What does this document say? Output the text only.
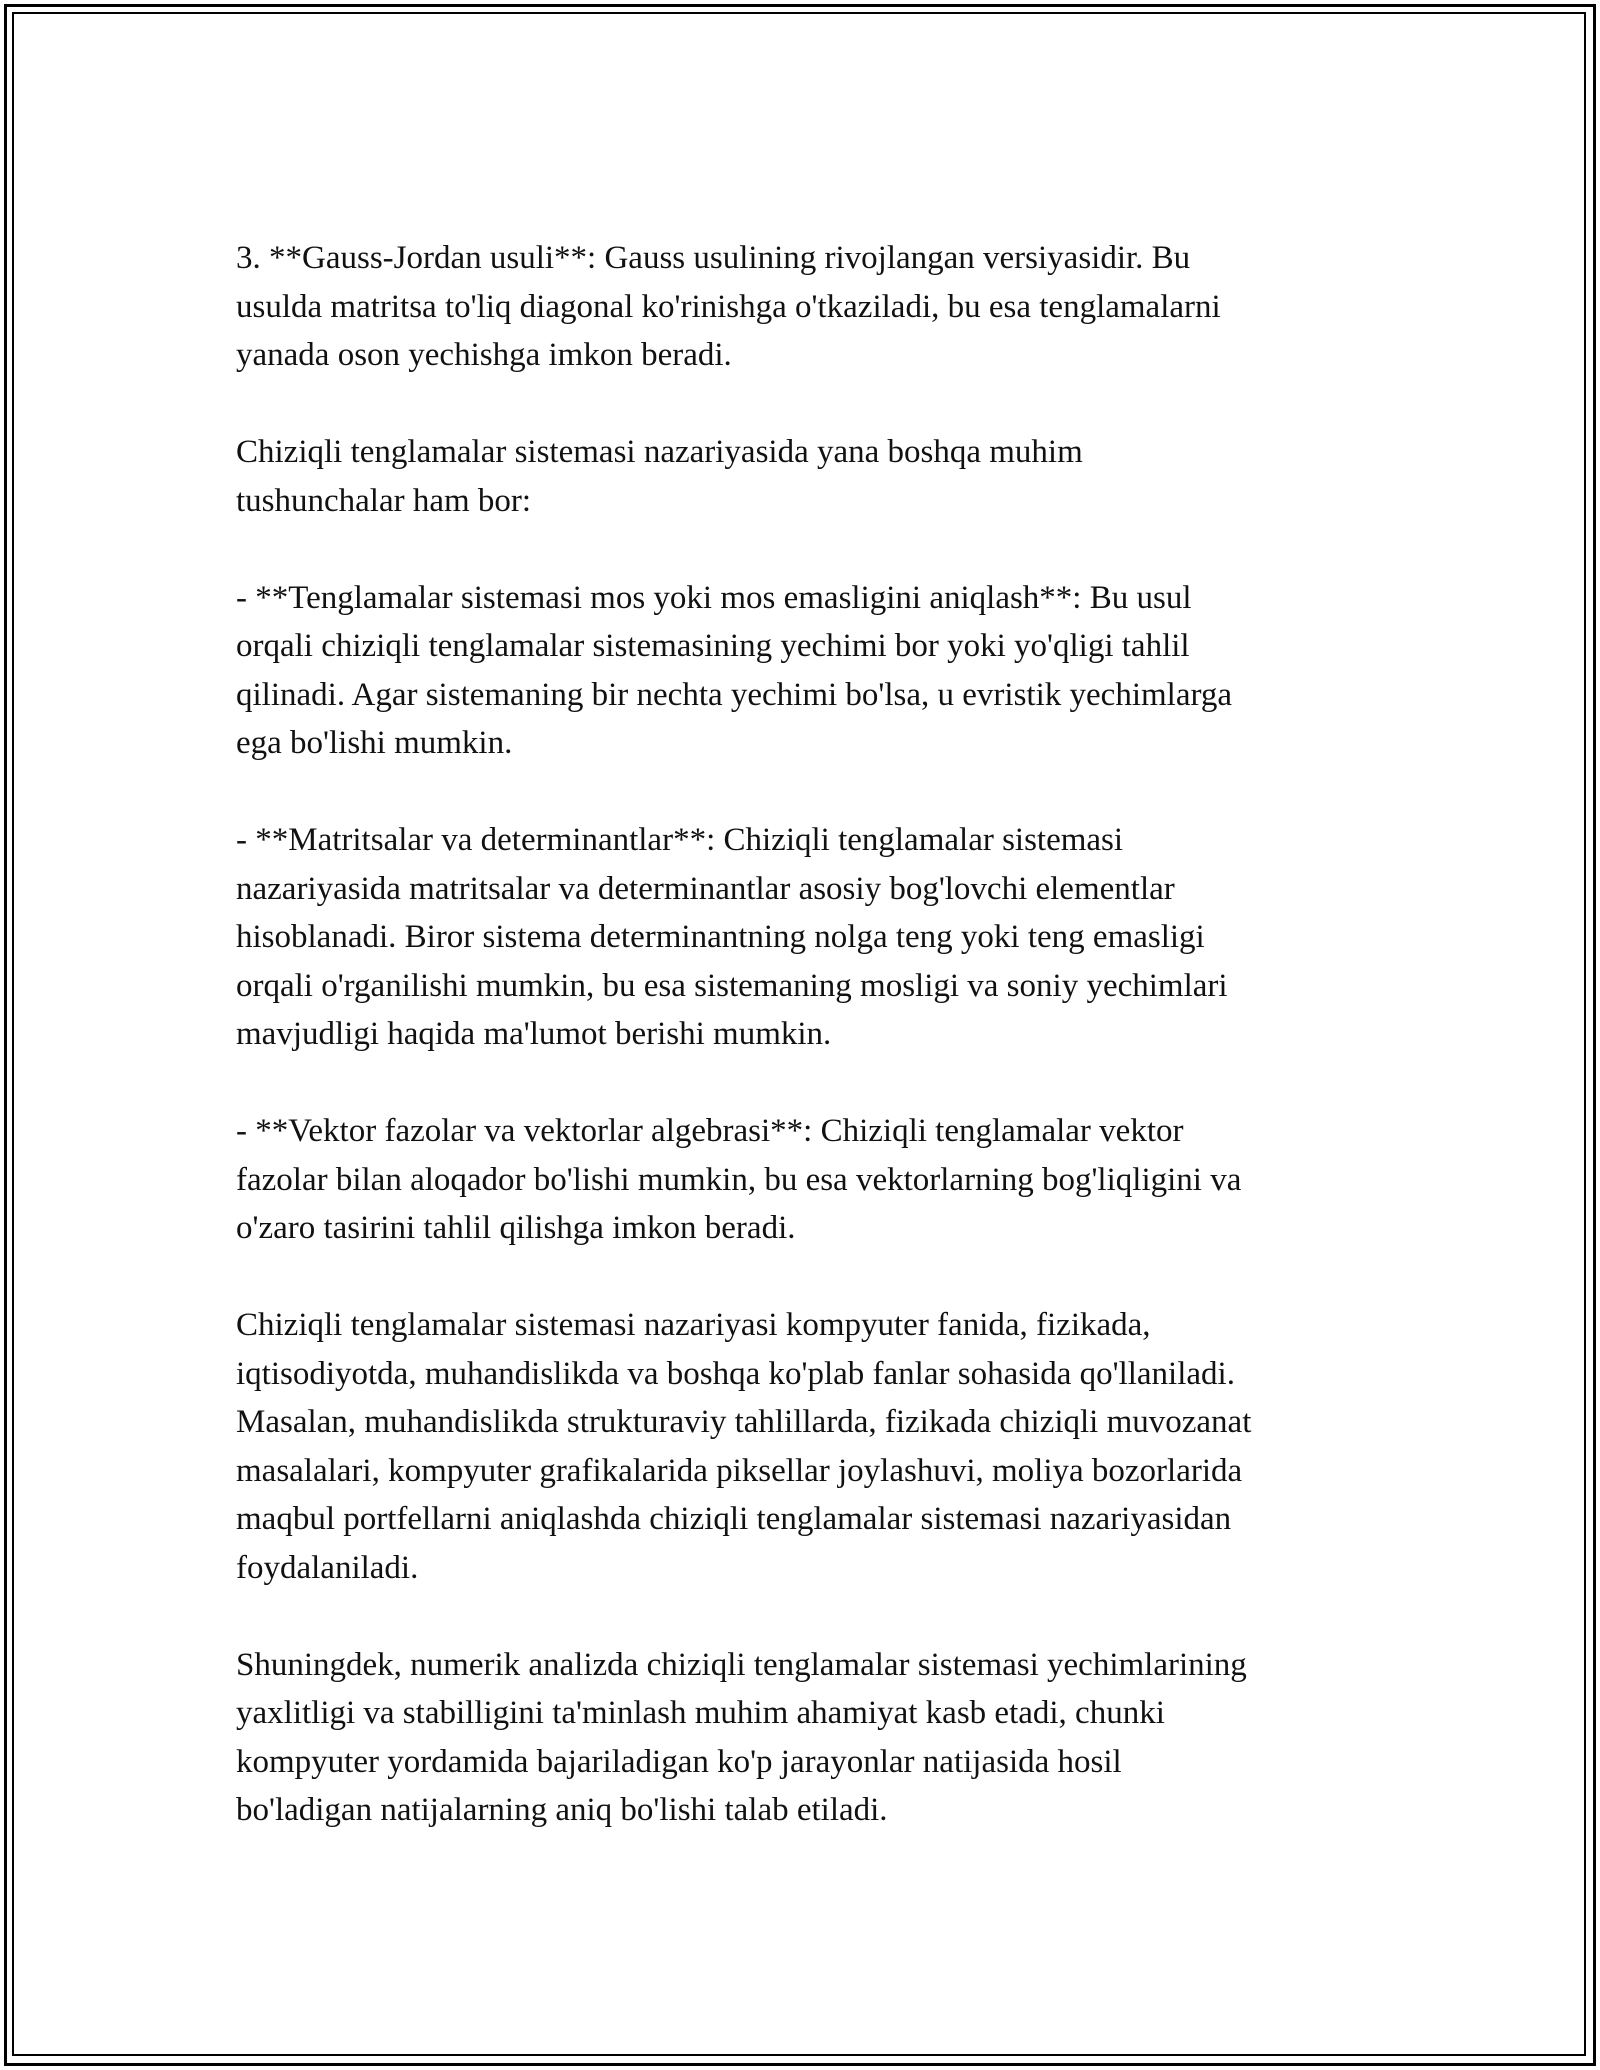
3. **Gauss-Jordan usuli**: Gauss usulining rivojlangan versiyasidir. Bu
usulda matritsa to'liq diagonal ko'rinishga o'tkaziladi, bu esa tenglamalarni
yanada oson yechishga imkon beradi.

Chiziqli tenglamalar sistemasi nazariyasida yana boshqa muhim
tushunchalar ham bor:

- **Tenglamalar sistemasi mos yoki mos emasligini aniqlash**: Bu usul
orqali chiziqli tenglamalar sistemasining yechimi bor yoki yo'qligi tahlil
qilinadi. Agar sistemaning bir nechta yechimi bo'lsa, u evristik yechimlarga
ega bo'lishi mumkin.

- **Matritsalar va determinantlar**: Chiziqli tenglamalar sistemasi
nazariyasida matritsalar va determinantlar asosiy bog'lovchi elementlar
hisoblanadi. Biror sistema determinantning nolga teng yoki teng emasligi
orqali o'rganilishi mumkin, bu esa sistemaning mosligi va soniy yechimlari
mavjudligi haqida ma'lumot berishi mumkin.

- **Vektor fazolar va vektorlar algebrasi**: Chiziqli tenglamalar vektor
fazolar bilan aloqador bo'lishi mumkin, bu esa vektorlarning bog'liqligini va
o'zaro tasirini tahlil qilishga imkon beradi.

Chiziqli tenglamalar sistemasi nazariyasi kompyuter fanida, fizikada,
iqtisodiyotda, muhandislikda va boshqa ko'plab fanlar sohasida qo'llaniladi.
Masalan, muhandislikda strukturaviy tahlillarda, fizikada chiziqli muvozanat
masalalari, kompyuter grafikalarida piksellar joylashuvi, moliya bozorlarida
maqbul portfellarni aniqlashda chiziqli tenglamalar sistemasi nazariyasidan
foydalaniladi.

Shuningdek, numerik analizda chiziqli tenglamalar sistemasi yechimlarining
yaxlitligi va stabilligini ta'minlash muhim ahamiyat kasb etadi, chunki
kompyuter yordamida bajariladigan ko'p jarayonlar natijasida hosil
bo'ladigan natijalarning aniq bo'lishi talab etiladi.
